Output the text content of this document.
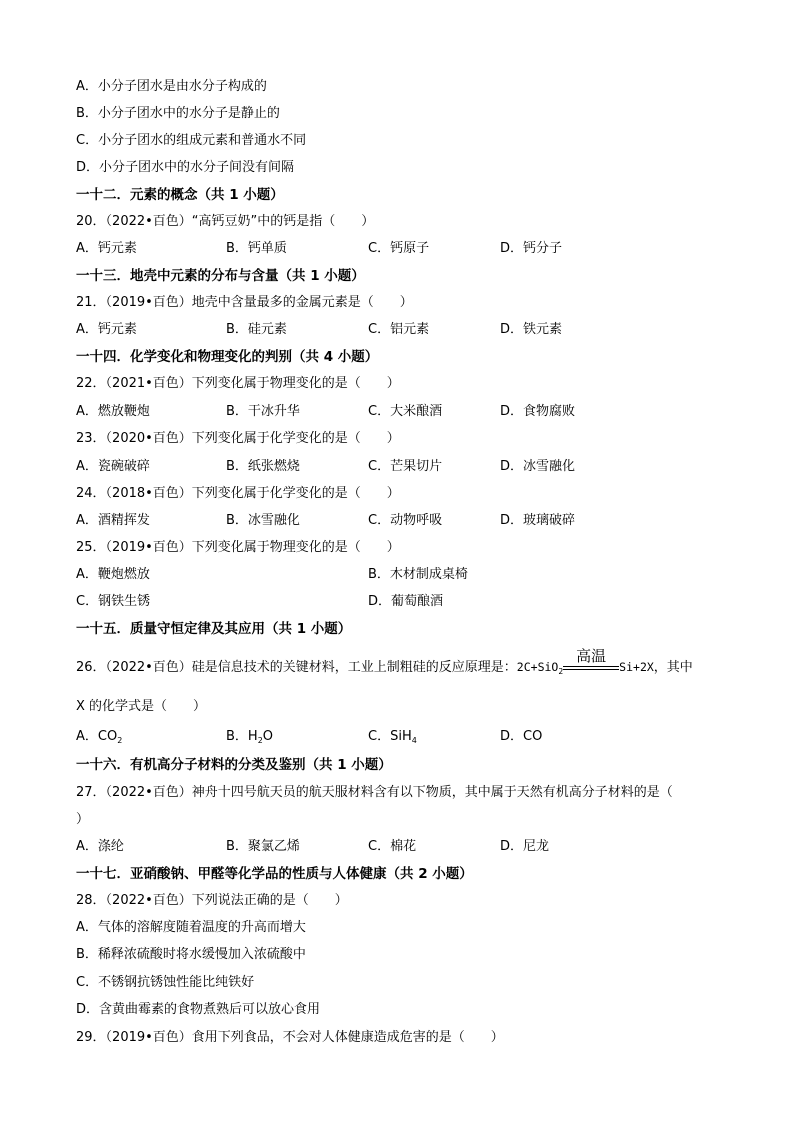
A．小分子团水是由水分子构成的
B．小分子团水中的水分子是静止的
C．小分子团水的组成元素和普通水不同
D．小分子团水中的水分子间没有间隔
一十二．元素的概念（共 1 小题）
20．（2022•百色）“高钙豆奶”中的钙是指（　　）
A．钙元素	B．钙单质	C．钙原子	D．钙分子
一十三．地壳中元素的分布与含量（共 1 小题）
21．（2019•百色）地壳中含量最多的金属元素是（　　）
A．钙元素	B．硅元素	C．铝元素	D．铁元素
一十四．化学变化和物理变化的判别（共 4 小题）
22．（2021•百色）下列变化属于物理变化的是（　　）
A．燃放鞭炮	B．干冰升华	C．大米酿酒	D．食物腐败
23．（2020•百色）下列变化属于化学变化的是（　　）
A．瓷碗破碎	B．纸张燃烧	C．芒果切片	D．冰雪融化
24．（2018•百色）下列变化属于化学变化的是（　　）
A．酒精挥发	B．冰雪融化	C．动物呼吸	D．玻璃破碎
25．（2019•百色）下列变化属于物理变化的是（　　）
A．鞭炮燃放	B．木材制成桌椅
C．钢铁生锈	D．葡萄酿酒
一十五．质量守恒定律及其应用（共 1 小题）
26．（2022•百色）硅是信息技术的关键材料，工业上制粗硅的反应原理是：2C+SiO$_2$
高温
Si+2X，其中
X 的化学式是（　　）
A．$CO_2$	B．$H_2O$	C．SiH$_4$	D．CO
一十六．有机高分子材料的分类及鉴别（共 1 小题）
27．（2022•百色）神舟十四号航天员的航天服材料含有以下物质，其中属于天然有机高分子材料的是（
）
A．涤纶	B．聚氯乙烯	C．棉花	D．尼龙
一十七．亚硝酸钠、甲醛等化学品的性质与人体健康（共 2 小题）
28．（2022•百色）下列说法正确的是（　　）
A．气体的溶解度随着温度的升高而增大
B．稀释浓硫酸时将水缓慢加入浓硫酸中
C．不锈钢抗锈蚀性能比纯铁好
D．含黄曲霉素的食物煮熟后可以放心食用
29．（2019•百色）食用下列食品，不会对人体健康造成危害的是（　　）
